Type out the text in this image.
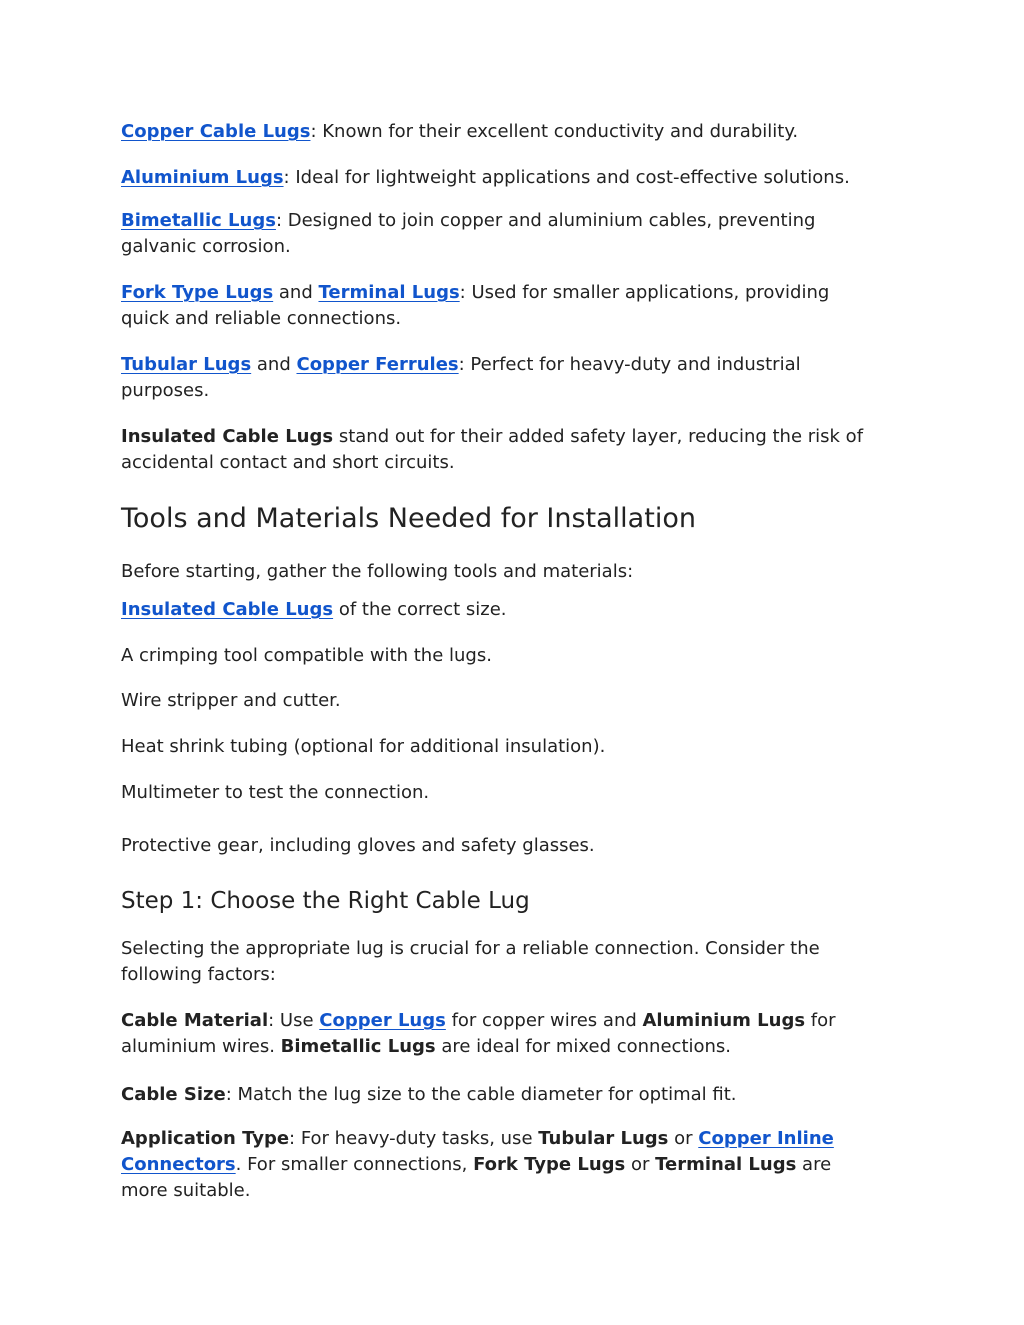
Copper Cable Lugs: Known for their excellent conductivity and durability.
Aluminium Lugs: Ideal for lightweight applications and cost-effective solutions.
Bimetallic Lugs: Designed to join copper and aluminium cables, preventing
galvanic corrosion.
Fork Type Lugs and Terminal Lugs: Used for smaller applications, providing
quick and reliable connections.
Tubular Lugs and Copper Ferrules: Perfect for heavy-duty and industrial
purposes.
Insulated Cable Lugs stand out for their added safety layer, reducing the risk of
accidental contact and short circuits.
Tools and Materials Needed for Installation
Before starting, gather the following tools and materials:
Insulated Cable Lugs of the correct size.
A crimping tool compatible with the lugs.
Wire stripper and cutter.
Heat shrink tubing (optional for additional insulation).
Multimeter to test the connection.
Protective gear, including gloves and safety glasses.
Step 1: Choose the Right Cable Lug
Selecting the appropriate lug is crucial for a reliable connection. Consider the
following factors:
Cable Material: Use Copper Lugs for copper wires and Aluminium Lugs for
aluminium wires. Bimetallic Lugs are ideal for mixed connections.
Cable Size: Match the lug size to the cable diameter for optimal fit.
Application Type: For heavy-duty tasks, use Tubular Lugs or Copper Inline
Connectors. For smaller connections, Fork Type Lugs or Terminal Lugs are
more suitable.
